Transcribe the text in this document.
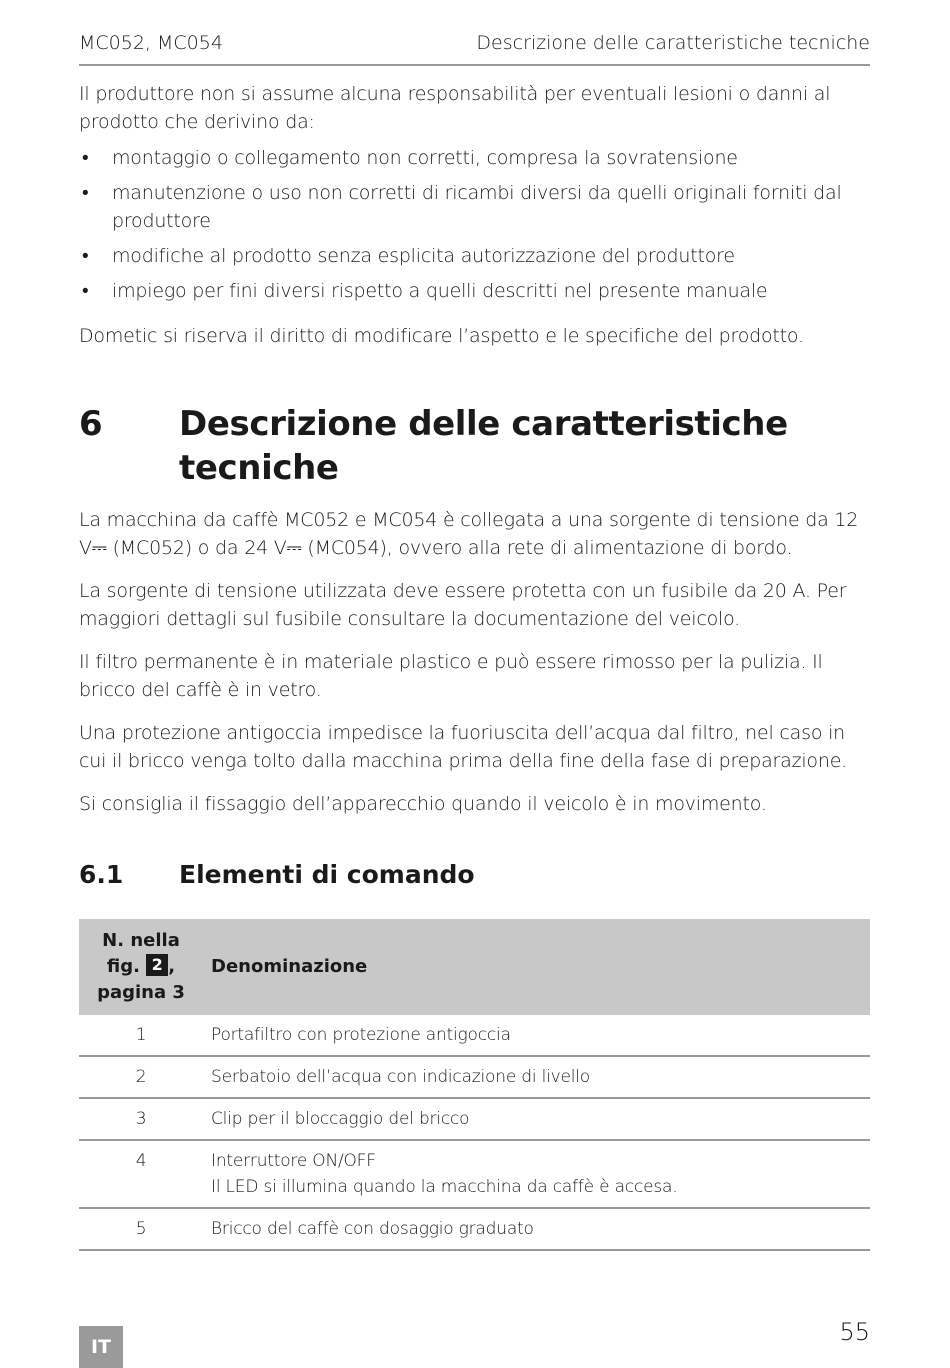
MC052, MC054	Descrizione delle caratteristiche tecniche

Il produttore non si assume alcuna responsabilità per eventuali lesioni o danni al prodotto che derivino da:

• montaggio o collegamento non corretti, compresa la sovratensione
• manutenzione o uso non corretti di ricambi diversi da quelli originali forniti dal produttore
• modifiche al prodotto senza esplicita autorizzazione del produttore
• impiego per fini diversi rispetto a quelli descritti nel presente manuale

Dometic si riserva il diritto di modificare l’aspetto e le specifiche del prodotto.

6 Descrizione delle caratteristiche tecniche

La macchina da caffè MC052 e MC054 è collegata a una sorgente di tensione da 12 V⎓ (MC052) o da 24 V⎓ (MC054), ovvero alla rete di alimentazione di bordo.

La sorgente di tensione utilizzata deve essere protetta con un fusibile da 20 A. Per maggiori dettagli sul fusibile consultare la documentazione del veicolo.

Il filtro permanente è in materiale plastico e può essere rimosso per la pulizia. Il bricco del caffè è in vetro.

Una protezione antigoccia impedisce la fuoriuscita dell’acqua dal filtro, nel caso in cui il bricco venga tolto dalla macchina prima della fine della fase di preparazione.

Si consiglia il fissaggio dell’apparecchio quando il veicolo è in movimento.

6.1 Elementi di comando
N. nella
fig. 2 ,
pagina 3	Denominazione
1	Portafiltro con protezione antigoccia
2	Serbatoio dell’acqua con indicazione di livello
3	Clip per il bloccaggio del bricco
4	Interruttore ON/OFF
Il LED si illumina quando la macchina da caffè è accesa.
5	Bricco del caffè con dosaggio graduato
IT
55
